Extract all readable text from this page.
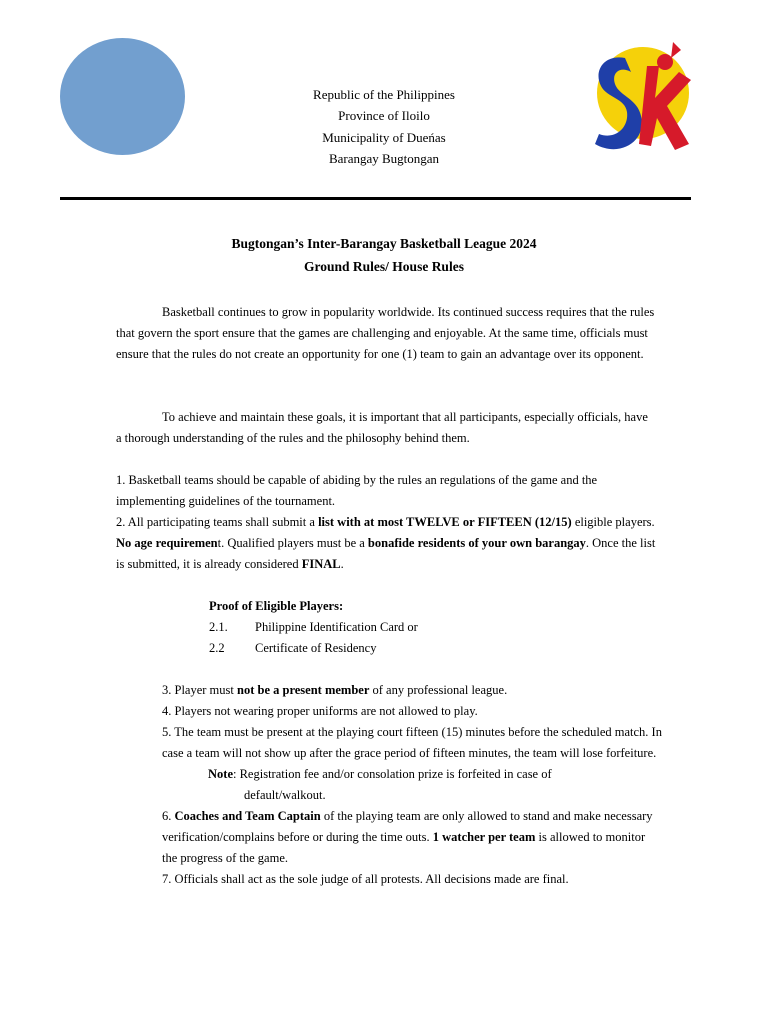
Republic of the Philippines
Province of Iloilo
Municipality of Dueńas
Barangay Bugtongan
Bugtongan’s Inter-Barangay Basketball League 2024
Ground Rules/ House Rules
Basketball continues to grow in popularity worldwide. Its continued success requires that the rules that govern the sport ensure that the games are challenging and enjoyable. At the same time, officials must ensure that the rules do not create an opportunity for one (1) team to gain an advantage over its opponent.
To achieve and maintain these goals, it is important that all participants, especially officials, have a thorough understanding of the rules and the philosophy behind them.
1. Basketball teams should be capable of abiding by the rules an regulations of the game and the implementing guidelines of the tournament.
2. All participating teams shall submit a list with at most TWELVE or FIFTEEN (12/15) eligible players. No age requirement. Qualified players must be a bonafide residents of your own barangay. Once the list is submitted, it is already considered FINAL.
Proof of Eligible Players:
2.1.	Philippine Identification Card or
2.2	Certificate of Residency
3. Player must not be a present member of any professional league.
4. Players not wearing proper uniforms are not allowed to play.
5. The team must be present at the playing court fifteen (15) minutes before the scheduled match. In case a team will not show up after the grace period of fifteen minutes, the team will lose forfeiture.
Note: Registration fee and/or consolation prize is forfeited in case of
default/walkout.
6. Coaches and Team Captain of the playing team are only allowed to stand and make necessary verification/complains before or during the time outs. 1 watcher per team is allowed to monitor the progress of the game.
7. Officials shall act as the sole judge of all protests. All decisions made are final.
